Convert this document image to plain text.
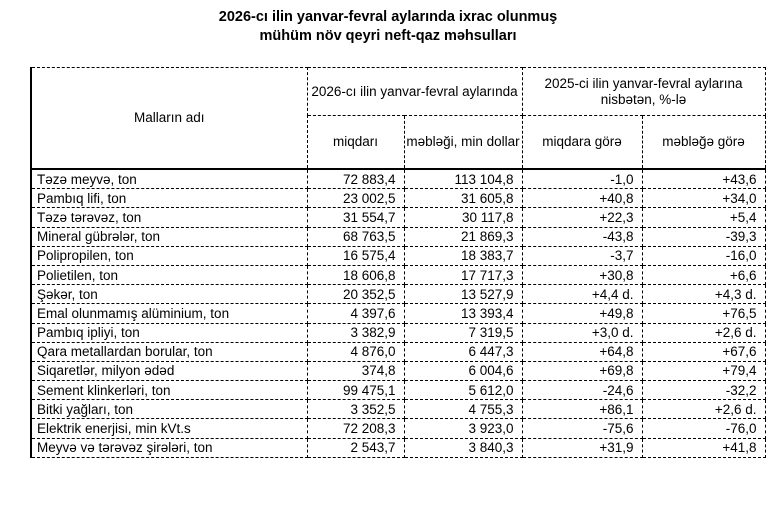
2026-cı ilin yanvar-fevral aylarında ixrac olunmuş
mühüm növ qeyri neft-qaz məhsulları
Malların adı	2026-cı ilin yanvar-fevral aylarında		2025-ci ilin yanvar-fevral aylarına nisbətən, %-lə	
	miqdarı	məbləği, min dollar	miqdara görə	məbləğə görə
Təzə meyvə, ton	72 883,4	113 104,8	-1,0	+43,6
Pambıq lifi, ton	23 002,5	31 605,8	+40,8	+34,0
Təzə tərəvəz, ton	31 554,7	30 117,8	+22,3	+5,4
Mineral gübrələr, ton	68 763,5	21 869,3	-43,8	-39,3
Polipropilen, ton	16 575,4	18 383,7	-3,7	-16,0
Polietilen, ton	18 606,8	17 717,3	+30,8	+6,6
Şəkər, ton	20 352,5	13 527,9	+4,4 d.	+4,3 d.
Emal olunmamış alüminium, ton	4 397,6	13 393,4	+49,8	+76,5
Pambıq ipliyi, ton	3 382,9	7 319,5	+3,0 d.	+2,6 d.
Qara metallardan borular, ton	4 876,0	6 447,3	+64,8	+67,6
Siqaretlər, milyon ədəd	374,8	6 004,6	+69,8	+79,4
Sement klinkerləri, ton	99 475,1	5 612,0	-24,6	-32,2
Bitki yağları, ton	3 352,5	4 755,3	+86,1	+2,6 d.
Elektrik enerjisi, min kVt.s	72 208,3	3 923,0	-75,6	-76,0
Meyvə və tərəvəz şirələri, ton	2 543,7	3 840,3	+31,9	+41,8
